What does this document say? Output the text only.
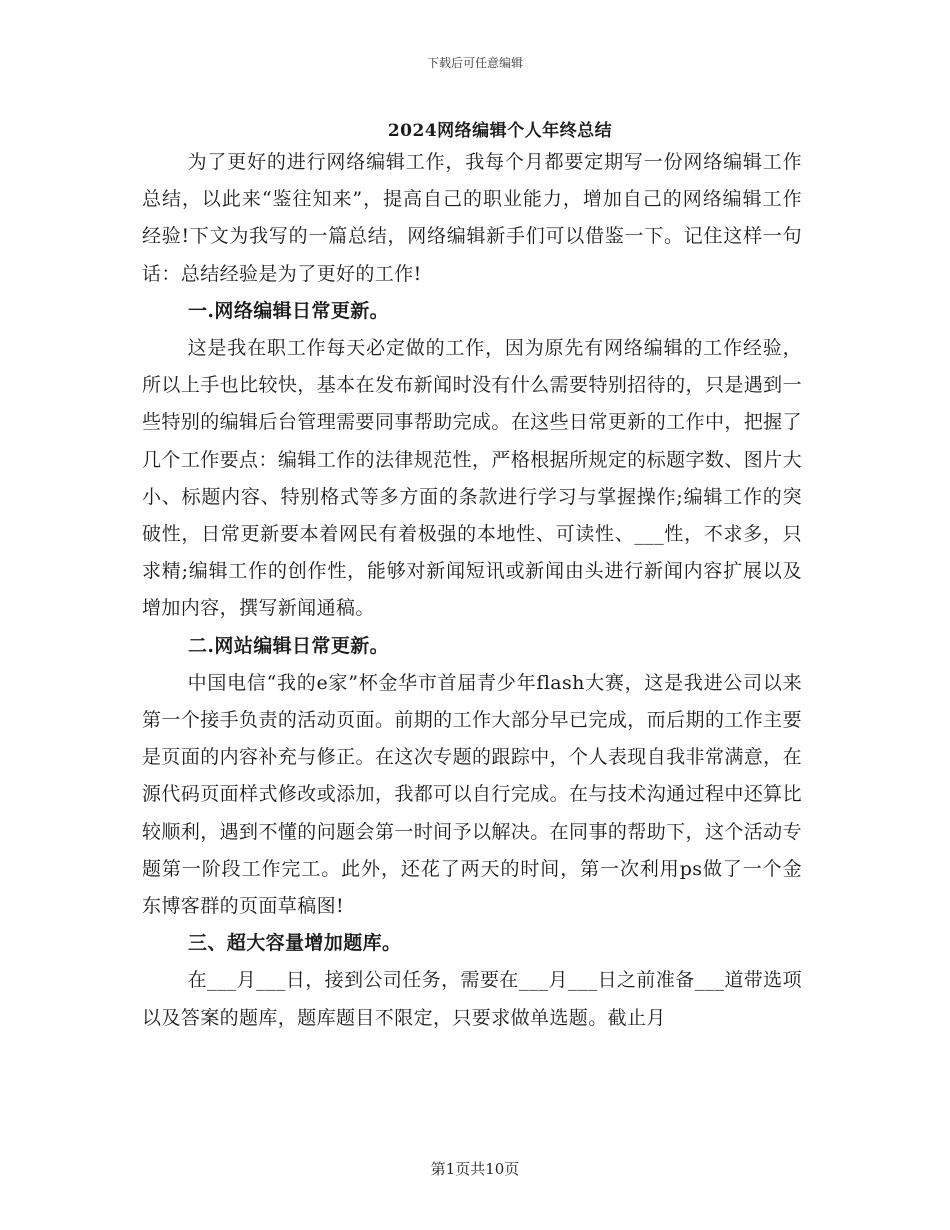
下载后可任意编辑
2024网络编辑个人年终总结

为了更好的进行网络编辑工作，我每个月都要定期写一份网络编辑工作总结，以此来“鉴往知来”，提高自己的职业能力，增加自己的网络编辑工作经验!下文为我写的一篇总结，网络编辑新手们可以借鉴一下。记住这样一句话：总结经验是为了更好的工作!

一.网络编辑日常更新。

这是我在职工作每天必定做的工作，因为原先有网络编辑的工作经验，所以上手也比较快，基本在发布新闻时没有什么需要特别招待的，只是遇到一些特别的编辑后台管理需要同事帮助完成。在这些日常更新的工作中，把握了几个工作要点：编辑工作的法律规范性，严格根据所规定的标题字数、图片大小、标题内容、特别格式等多方面的条款进行学习与掌握操作;编辑工作的突破性，日常更新要本着网民有着极强的本地性、可读性、___性，不求多，只求精;编辑工作的创作性，能够对新闻短讯或新闻由头进行新闻内容扩展以及增加内容，撰写新闻通稿。

二.网站编辑日常更新。

中国电信“我的e家”杯金华市首届青少年flash大赛，这是我进公司以来第一个接手负责的活动页面。前期的工作大部分早已完成，而后期的工作主要是页面的内容补充与修正。在这次专题的跟踪中，个人表现自我非常满意，在源代码页面样式修改或添加，我都可以自行完成。在与技术沟通过程中还算比较顺利，遇到不懂的问题会第一时间予以解决。在同事的帮助下，这个活动专题第一阶段工作完工。此外，还花了两天的时间，第一次利用ps做了一个金东博客群的页面草稿图!

三、超大容量增加题库。

在___月___日，接到公司任务，需要在___月___日之前准备___道带选项以及答案的题库，题库题目不限定，只要求做单选题。截止月

第1页共10页
